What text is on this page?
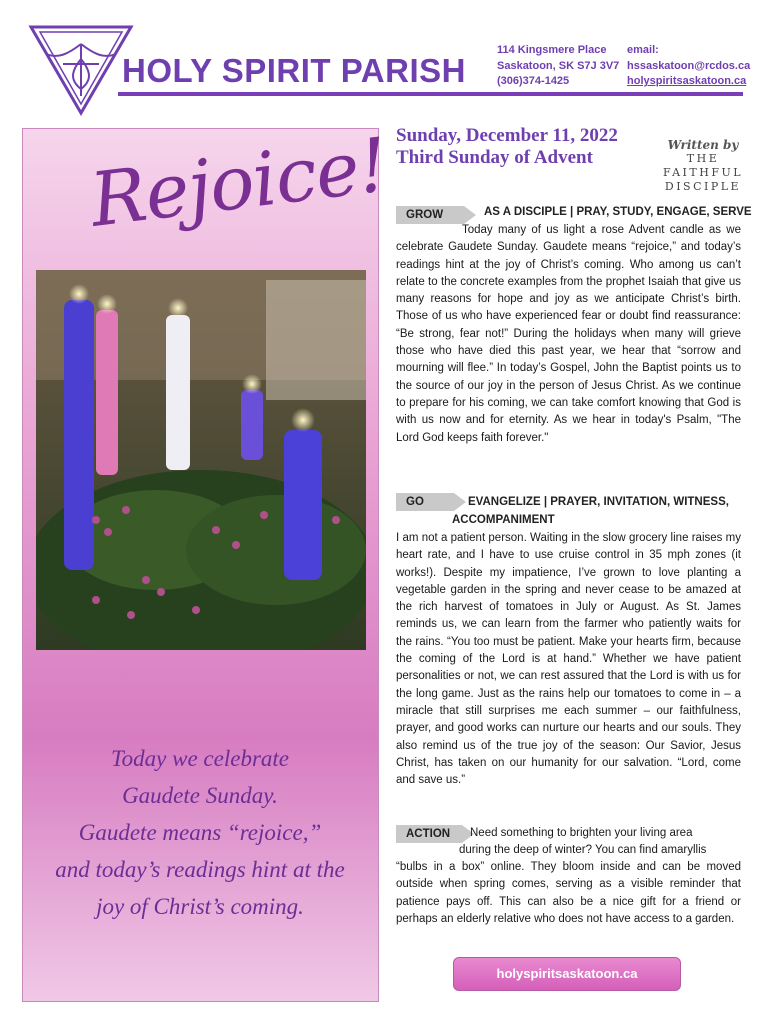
HOLY SPIRIT PARISH
114 Kingsmere Place
Saskatoon, SK S7J 3V7
(306)374-1425
email:
hssaskatoon@rcdos.ca
holyspiritsaskatoon.ca
Rejoice!
Today we celebrate
Gaudete Sunday.
Gaudete means “rejoice,”
and today’s readings hint at the
joy of Christ’s coming.
Sunday, December 11, 2022
Third Sunday of Advent
Written by
THE
FAITHFUL
DISCIPLE
GROW	AS A DISCIPLE | PRAY, STUDY, ENGAGE, SERVE
Today many of us light a rose Advent candle as we celebrate Gaudete Sunday. Gaudete means “rejoice,” and today’s readings hint at the joy of Christ’s coming. Who among us can’t relate to the concrete examples from the prophet Isaiah that give us many reasons for hope and joy as we anticipate Christ’s birth. Those of us who have experienced fear or doubt find reassurance: “Be strong, fear not!” During the holidays when many will grieve those who have died this past year, we hear that “sorrow and mourning will flee.” In today’s Gospel, John the Baptist points us to the source of our joy in the person of Jesus Christ. As we continue to prepare for his coming, we can take comfort knowing that God is with us now and for eternity. As we hear in today's Psalm, "The Lord God keeps faith forever."
GO	EVANGELIZE | PRAYER, INVITATION, WITNESS,
ACCOMPANIMENT
I am not a patient person. Waiting in the slow grocery line raises my heart rate, and I have to use cruise control in 35 mph zones (it works!). Despite my impatience, I’ve grown to love planting a vegetable garden in the spring and never cease to be amazed at the rich harvest of tomatoes in July or August. As St. James reminds us, we can learn from the farmer who patiently waits for the rains. “You too must be patient. Make your hearts firm, because the coming of the Lord is at hand.” Whether we have patient personalities or not, we can rest assured that the Lord is with us for the long game. Just as the rains help our tomatoes to come in – a miracle that still surprises me each summer – our faithfulness, prayer, and good works can nurture our hearts and our souls. They also remind us of the true joy of the season: Our Savior, Jesus Christ, has taken on our humanity for our salvation. “Lord, come and save us.”
ACTION	Need something to brighten your living area
during the deep of winter? You can find amaryllis
“bulbs in a box” online. They bloom inside and can be moved outside when spring comes, serving as a visible reminder that patience pays off. This can also be a nice gift for a friend or perhaps an elderly relative who does not have access to a garden.
holyspiritsaskatoon.ca
